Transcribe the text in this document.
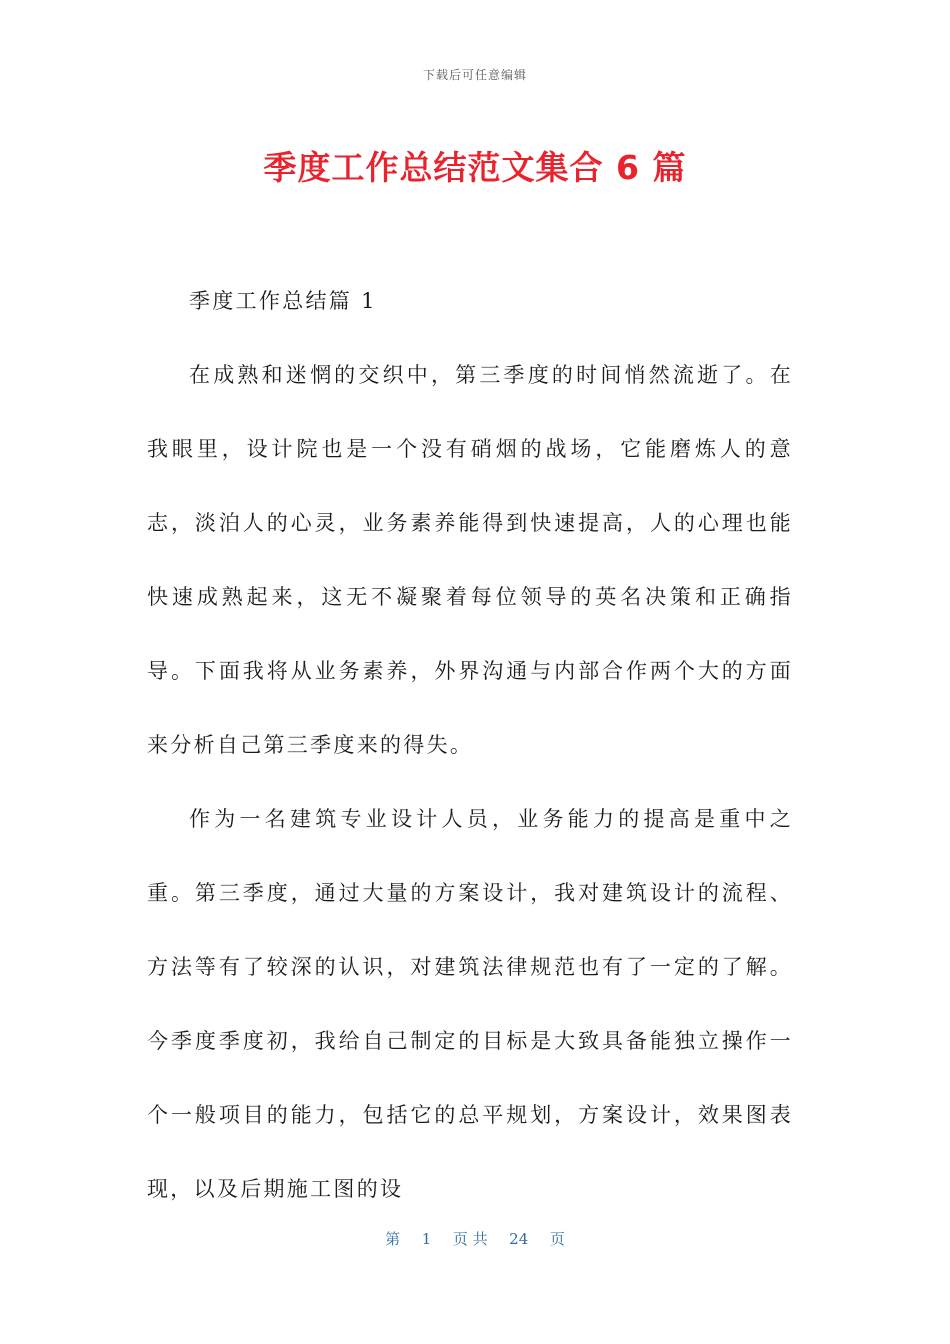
下载后可任意编辑
季度工作总结范文集合 6 篇

季度工作总结篇 1

在成熟和迷惘的交织中，第三季度的时间悄然流逝了。在我眼里，设计院也是一个没有硝烟的战场，它能磨炼人的意志，淡泊人的心灵，业务素养能得到快速提高，人的心理也能快速成熟起来，这无不凝聚着每位领导的英名决策和正确指导。下面我将从业务素养，外界沟通与内部合作两个大的方面来分析自己第三季度来的得失。

作为一名建筑专业设计人员，业务能力的提高是重中之重。第三季度，通过大量的方案设计，我对建筑设计的流程、方法等有了较深的认识，对建筑法律规范也有了一定的了解。今季度季度初，我给自己制定的目标是大致具备能独立操作一个一般项目的能力，包括它的总平规划，方案设计，效果图表现，以及后期施工图的设

第 1 页 共 24 页
